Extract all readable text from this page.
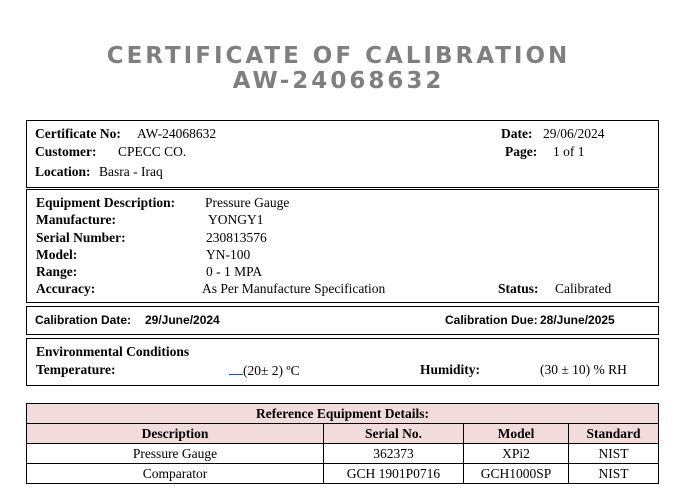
CERTIFICATE OF CALIBRATION
AW-24068632
Certificate No: AW-24068632
Customer: CPECC CO.
Location: Basra - Iraq
Date: 29/06/2024
Page: 1 of 1
Equipment Description: Pressure Gauge
Manufacture:	YONGY1
Serial Number:	230813576
Model:	YN-100
Range:	0 - 1 MPA
Accuracy:	As Per Manufacture Specification	Status: Calibrated
Calibration Date: 29/June/2024	Calibration Due: 28/June/2025
Environmental Conditions
Temperature:	(20± 2) ºC	Humidity:	(30 ± 10) % RH
Reference Equipment Details:			
Description	Serial No.	Model	Standard
Pressure Gauge	362373	XPi2	NIST
Comparator	GCH 1901P0716	GCH1000SP	NIST
